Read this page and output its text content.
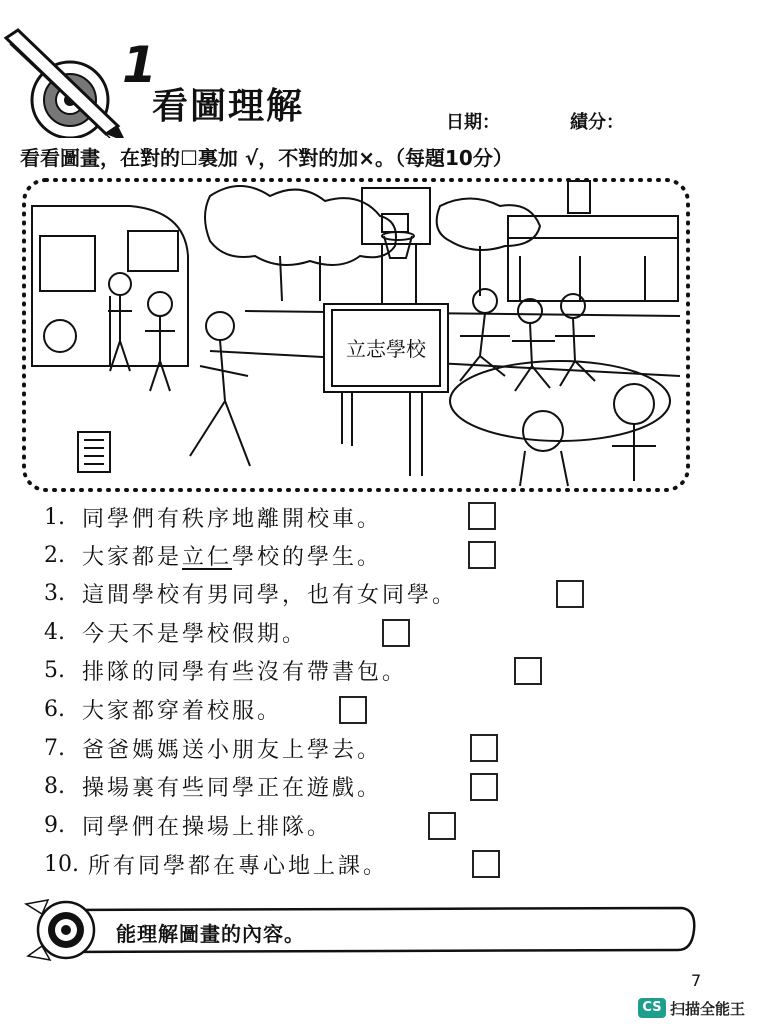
1
看圖理解	日期：	績分：
看看圖畫，在對的☐裏加 √，不對的加×。（每題10分）
立志學校
1. 同學們有秩序地離開校車。
2. 大家都是立仁學校的學生。
3. 這間學校有男同學，也有女同學。
4. 今天不是學校假期。
5. 排隊的同學有些沒有帶書包。
6. 大家都穿着校服。
7. 爸爸媽媽送小朋友上學去。
8. 操場裏有些同學正在遊戲。
9. 同學們在操場上排隊。
10. 所有同學都在專心地上課。
能理解圖畫的內容。
7
CS 扫描全能王
